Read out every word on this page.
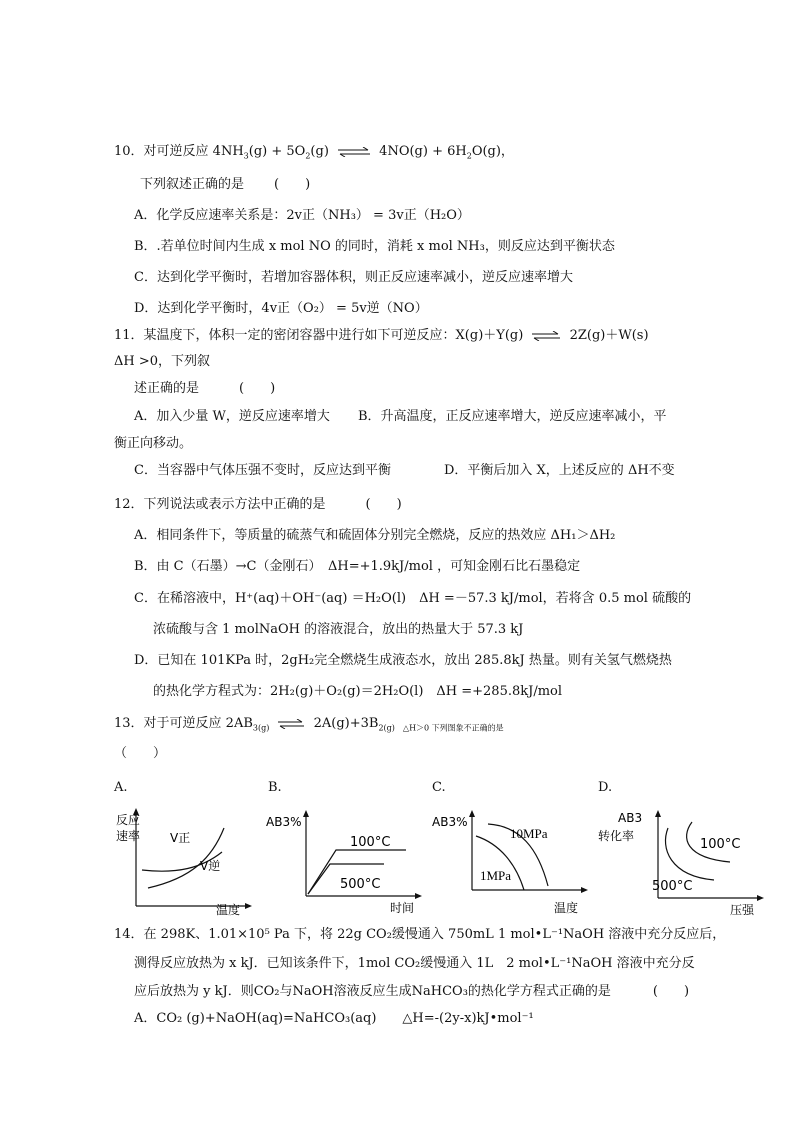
10．对可逆反应 $4NH_3(g) + 5O_2(g)$ ⇌ $4NO(g) + 6H_2O(g)$，
下列叙述正确的是 (　　)
A．化学反应速率关系是：2v正（NH₃） = 3v正（H₂O）
B．.若单位时间内生成 x mol NO 的同时，消耗 x mol NH₃，则反应达到平衡状态
C．达到化学平衡时，若增加容器体积，则正反应速率减小，逆反应速率增大
D．达到化学平衡时，4v正（O₂） = 5v逆（NO）
11．某温度下，体积一定的密闭容器中进行如下可逆反应：X(g)＋Y(g) ⇌ 2Z(g)＋W(s)
ΔH >0，下列叙
述正确的是	(　　)
A．加入少量 W，逆反应速率增大 B．升高温度，正反应速率增大，逆反应速率减小，平
衡正向移动。
C．当容器中气体压强不变时，反应达到平衡	D．平衡后加入 X，上述反应的 ΔH不变
12．下列说法或表示方法中正确的是	(　　)
A．相同条件下，等质量的硫蒸气和硫固体分别完全燃烧，反应的热效应 ΔH₁＞ΔH₂
B．由 C（石墨）→C（金刚石）　ΔH=+1.9kJ/mol ，可知金刚石比石墨稳定
C．在稀溶液中，H⁺(aq)＋OH⁻(aq) ＝H₂O(l)　ΔH =－57.3 kJ/mol，若将含 0.5 mol 硫酸的
浓硫酸与含 1 molNaOH 的溶液混合，放出的热量大于 57.3 kJ
D．已知在 101KPa 时，2gH₂完全燃烧生成液态水，放出 285.8kJ 热量。则有关氢气燃烧热
的热化学方程式为：2H₂(g)＋O₂(g)＝2H₂O(l)　ΔH =+285.8kJ/mol
13．对于可逆反应 $2AB_{3(g)}$ ⇌ $2A(g)+3B_{2(g) \triangle H>0 下列图象不正确的是}$
（　　）
A.	B.	C.	D.
反应
速率
温度
V正
V逆
AB3%
时间
100°C
500°C
AB3%
温度
10MPa
1MPa
AB3
转化率
压强
100°C
500°C
14．在 298K、1.01×10⁵ Pa 下，将 22g CO₂缓慢通入 750mL 1 mol•L⁻¹NaOH 溶液中充分反应后，
测得反应放热为 x kJ．已知该条件下，1mol CO₂缓慢通入 1L　2 mol•L⁻¹NaOH 溶液中充分反
应后放热为 y kJ．则CO₂与NaOH溶液反应生成NaHCO₃的热化学方程式正确的是	(　　)
A．CO₂ (g)+NaOH(aq)=NaHCO₃(aq)　　△H=-(2y-x)kJ•mol⁻¹
